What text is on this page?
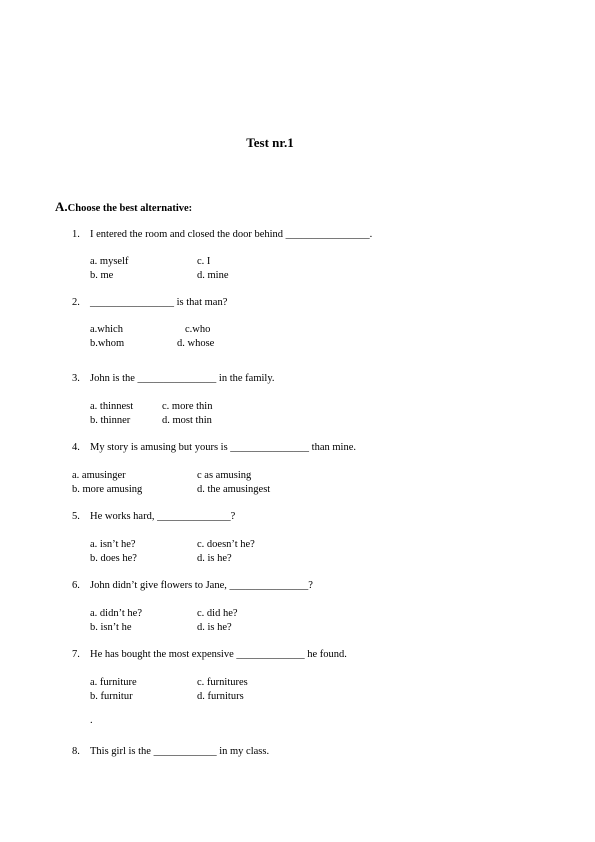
Test nr.1
A.Choose the best alternative:
1. I entered the room and closed the door behind ________________.
a. myself	c. I
b. me	d. mine
2. ________________ is that man?
a.which	c.who
b.whom	d. whose
3. John is the _______________ in the family.
a. thinnest	c. more thin
b. thinner	d. most thin
4. My story is amusing but yours is _______________ than mine.
a. amusinger	c as amusing
b. more amusing	d. the amusingest
5. He works hard, ______________?
a. isn’t he?	c. doesn’t he?
b. does he?	d. is he?
6. John didn’t give flowers to Jane, _______________?
a. didn’t he?	c. did he?
b. isn’t he	d. is he?
7. He has bought the most expensive _____________ he found.
a. furniture	c. furnitures
b. furnitur	d. furniturs
.
8. This girl is the ____________ in my class.
